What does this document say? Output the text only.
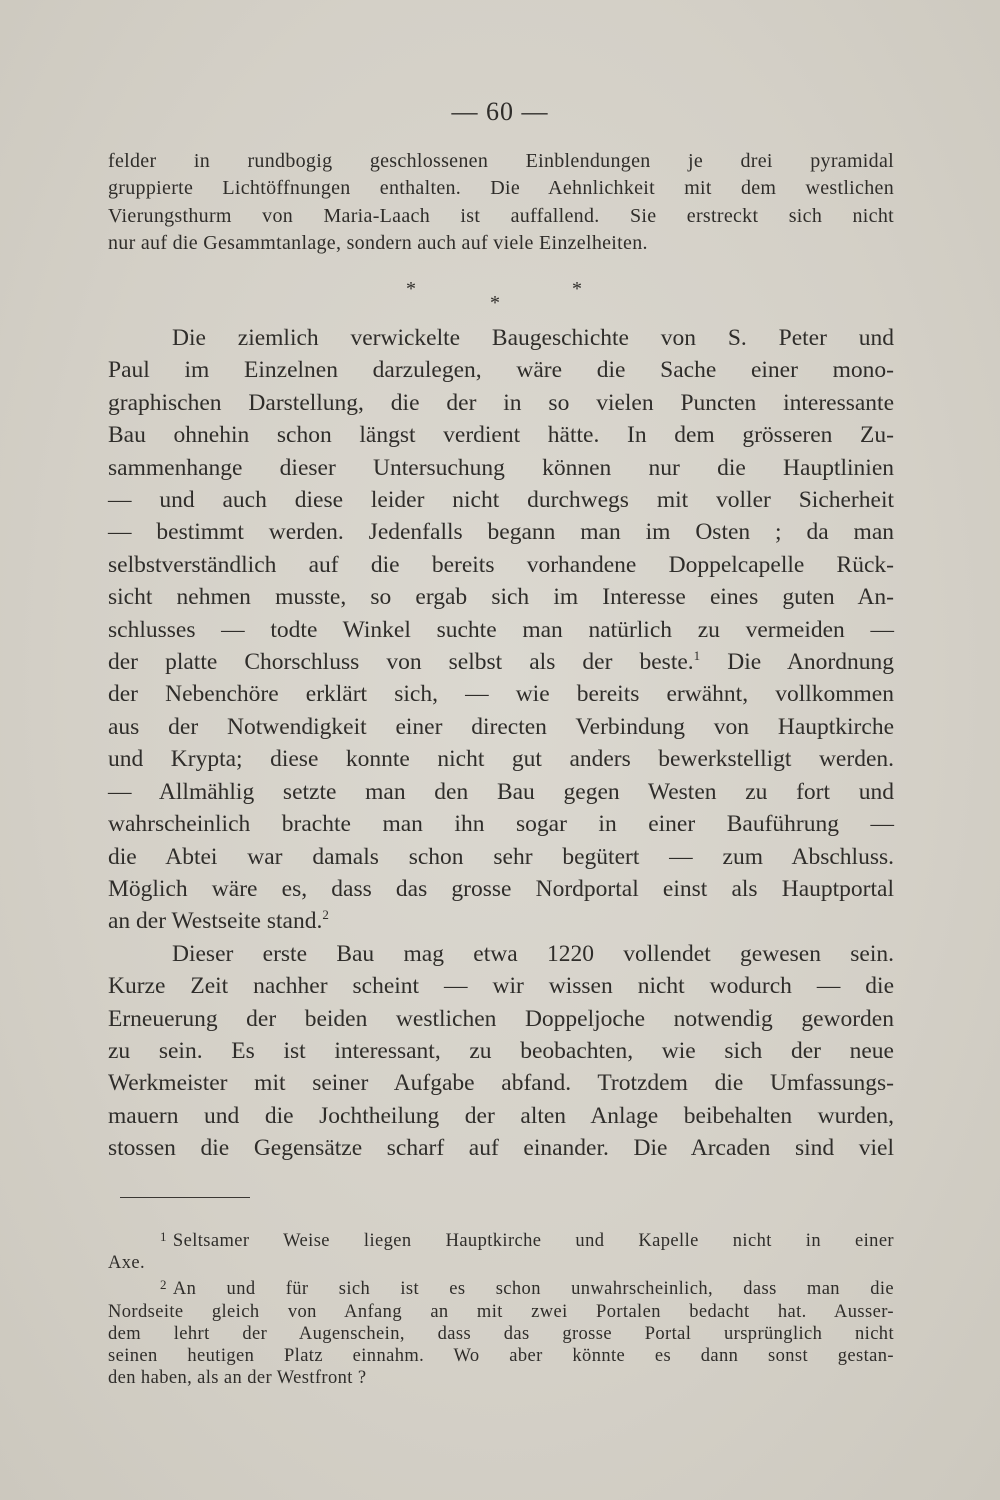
— 60 —
felder in rundbogig geschlossenen Einblendungen je drei pyramidal
gruppierte Lichtöffnungen enthalten. Die Aehnlichkeit mit dem westlichen
Vierungsthurm von Maria-Laach ist auffallend. Sie erstreckt sich nicht
nur auf die Gesammtanlage, sondern auch auf viele Einzelheiten.
*
*
*
Die ziemlich verwickelte Baugeschichte von S. Peter und
Paul im Einzelnen darzulegen, wäre die Sache einer mono-
graphischen Darstellung, die der in so vielen Puncten interessante
Bau ohnehin schon längst verdient hätte. In dem grösseren Zu-
sammenhange dieser Untersuchung können nur die Hauptlinien
— und auch diese leider nicht durchwegs mit voller Sicherheit
— bestimmt werden. Jedenfalls begann man im Osten ; da man
selbstverständlich auf die bereits vorhandene Doppelcapelle Rück-
sicht nehmen musste, so ergab sich im Interesse eines guten An-
schlusses — todte Winkel suchte man natürlich zu vermeiden —
der platte Chorschluss von selbst als der beste.$^1$ Die Anordnung
der Nebenchöre erklärt sich, — wie bereits erwähnt, vollkommen
aus der Notwendigkeit einer directen Verbindung von Hauptkirche
und Krypta; diese konnte nicht gut anders bewerkstelligt werden.
— Allmählig setzte man den Bau gegen Westen zu fort und
wahrscheinlich brachte man ihn sogar in einer Bauführung —
die Abtei war damals schon sehr begütert — zum Abschluss.
Möglich wäre es, dass das grosse Nordportal einst als Hauptportal
an der Westseite stand.$^2$
Dieser erste Bau mag etwa 1220 vollendet gewesen sein.
Kurze Zeit nachher scheint — wir wissen nicht wodurch — die
Erneuerung der beiden westlichen Doppeljoche notwendig geworden
zu sein. Es ist interessant, zu beobachten, wie sich der neue
Werkmeister mit seiner Aufgabe abfand. Trotzdem die Umfassungs-
mauern und die Jochtheilung der alten Anlage beibehalten wurden,
stossen die Gegensätze scharf auf einander. Die Arcaden sind viel
$^1$ Seltsamer Weise liegen Hauptkirche und Kapelle nicht in einer
Axe.
$^2$ An und für sich ist es schon unwahrscheinlich, dass man die
Nordseite gleich von Anfang an mit zwei Portalen bedacht hat. Ausser-
dem lehrt der Augenschein, dass das grosse Portal ursprünglich nicht
seinen heutigen Platz einnahm. Wo aber könnte es dann sonst gestan-
den haben, als an der Westfront ?
